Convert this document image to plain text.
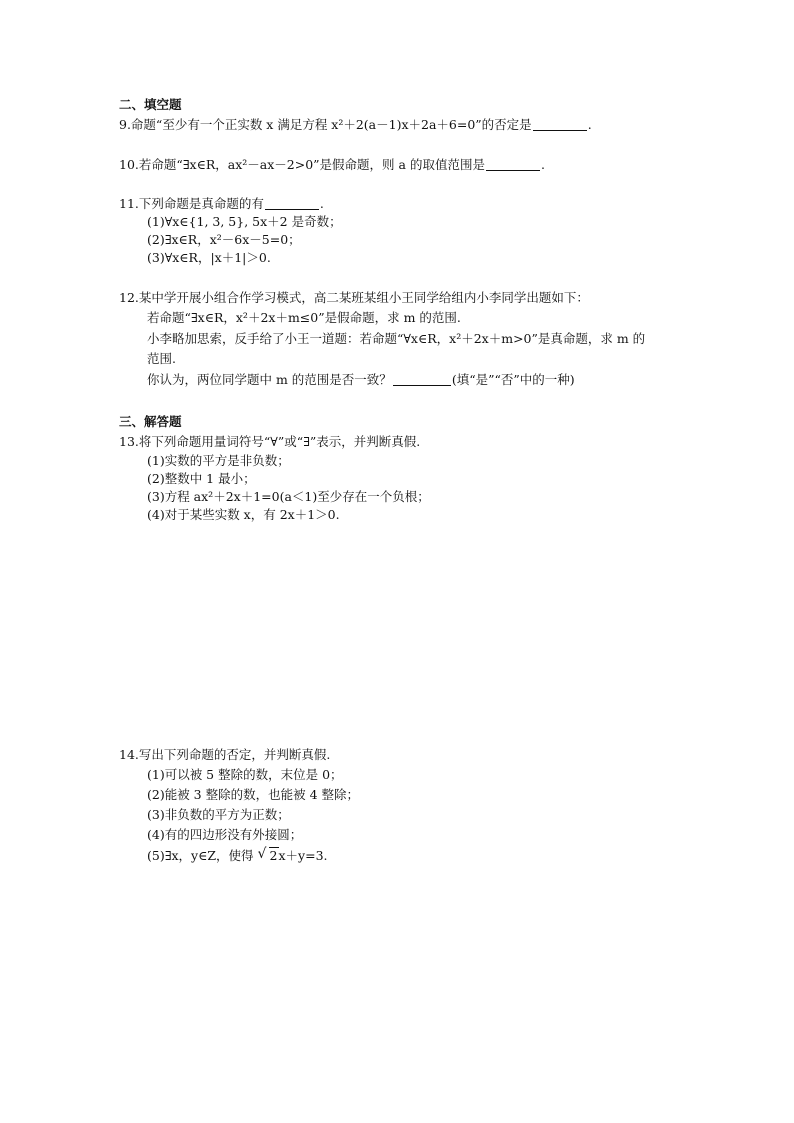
二、填空题
9.命题“至少有一个正实数 x 满足方程 x²＋2(a－1)x＋2a＋6=0”的否定是	.
10.若命题“∃x∈R，ax²－ax－2>0”是假命题，则 a 的取值范围是	.
11.下列命题是真命题的有	.
(1)∀x∈{1, 3, 5}, 5x＋2 是奇数；
(2)∃x∈R，x²－6x－5=0；
(3)∀x∈R，|x＋1|＞0.
12.某中学开展小组合作学习模式，高二某班某组小王同学给组内小李同学出题如下：
若命题“∃x∈R，x²＋2x＋m≤0”是假命题，求 m 的范围.
小李略加思索，反手给了小王一道题：若命题“∀x∈R，x²＋2x＋m>0”是真命题，求 m 的
范围.
你认为，两位同学题中 m 的范围是否一致？	(填“是”“否”中的一种)
三、解答题
13.将下列命题用量词符号“∀”或“∃”表示，并判断真假.
(1)实数的平方是非负数；
(2)整数中 1 最小；
(3)方程 ax²＋2x＋1=0(a＜1)至少存在一个负根；
(4)对于某些实数 x，有 2x＋1＞0.
14.写出下列命题的否定，并判断真假.
(1)可以被 5 整除的数，末位是 0；
(2)能被 3 整除的数，也能被 4 整除；
(3)非负数的平方为正数；
(4)有的四边形没有外接圆；
(5)∃x，y∈Z，使得 √ 2x＋y=3.
